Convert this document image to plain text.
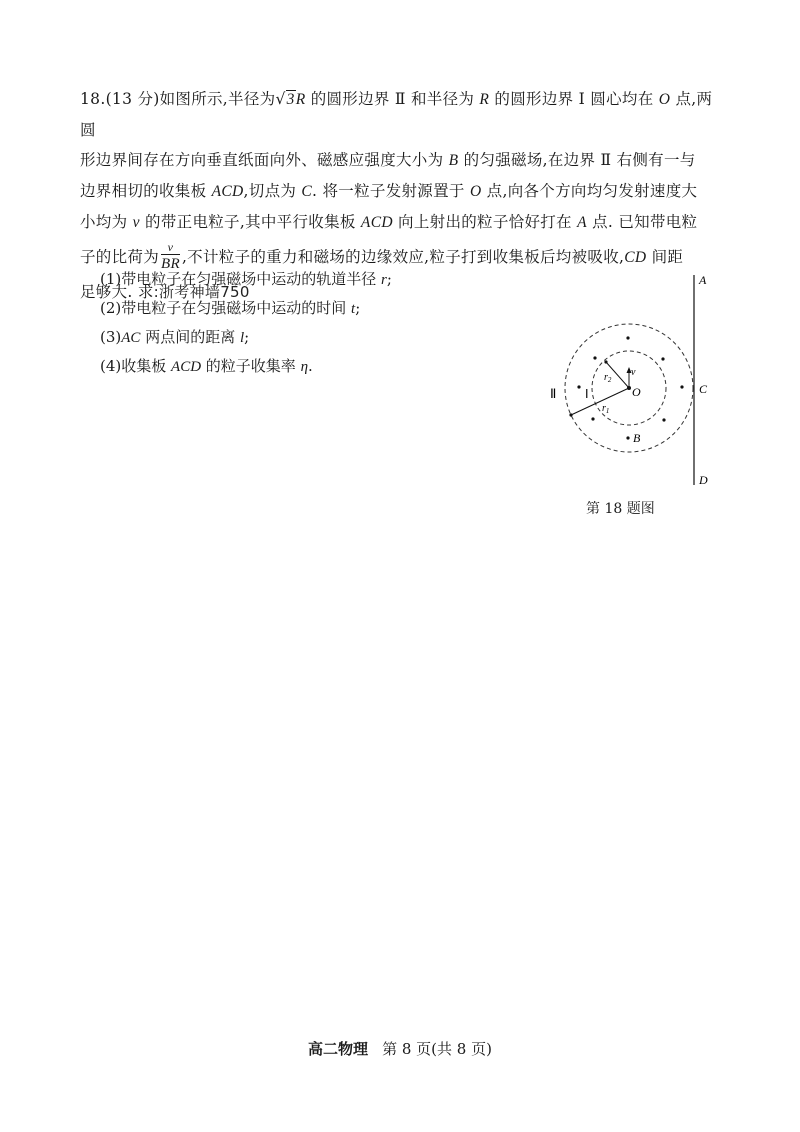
18.(13 分)如图所示,半径为√3R 的圆形边界 Ⅱ 和半径为 R 的圆形边界 Ⅰ 圆心均在 O 点,两圆

形边界间存在方向垂直纸面向外、磁感应强度大小为 B 的匀强磁场,在边界 Ⅱ 右侧有一与

边界相切的收集板 ACD,切点为 C. 将一粒子发射源置于 O 点,向各个方向均匀发射速度大

小均为 v 的带正电粒子,其中平行收集板 ACD 向上射出的粒子恰好打在 A 点. 已知带电粒

子的比荷为 $\frac{v}{BR}$ ,不计粒子的重力和磁场的边缘效应,粒子打到收集板后均被吸收,CD 间距

足够大. 求:浙考神墙750

(1)带电粒子在匀强磁场中运动的轨道半径 r;

(2)带电粒子在匀强磁场中运动的时间 t;

(3)AC 两点间的距离 l;

(4)收集板 ACD 的粒子收集率 η.

A
C
D
O
v
$r_2$
$r_1$
Ⅱ Ⅰ
B
第 18 题图
高二物理 第 8 页(共 8 页)
